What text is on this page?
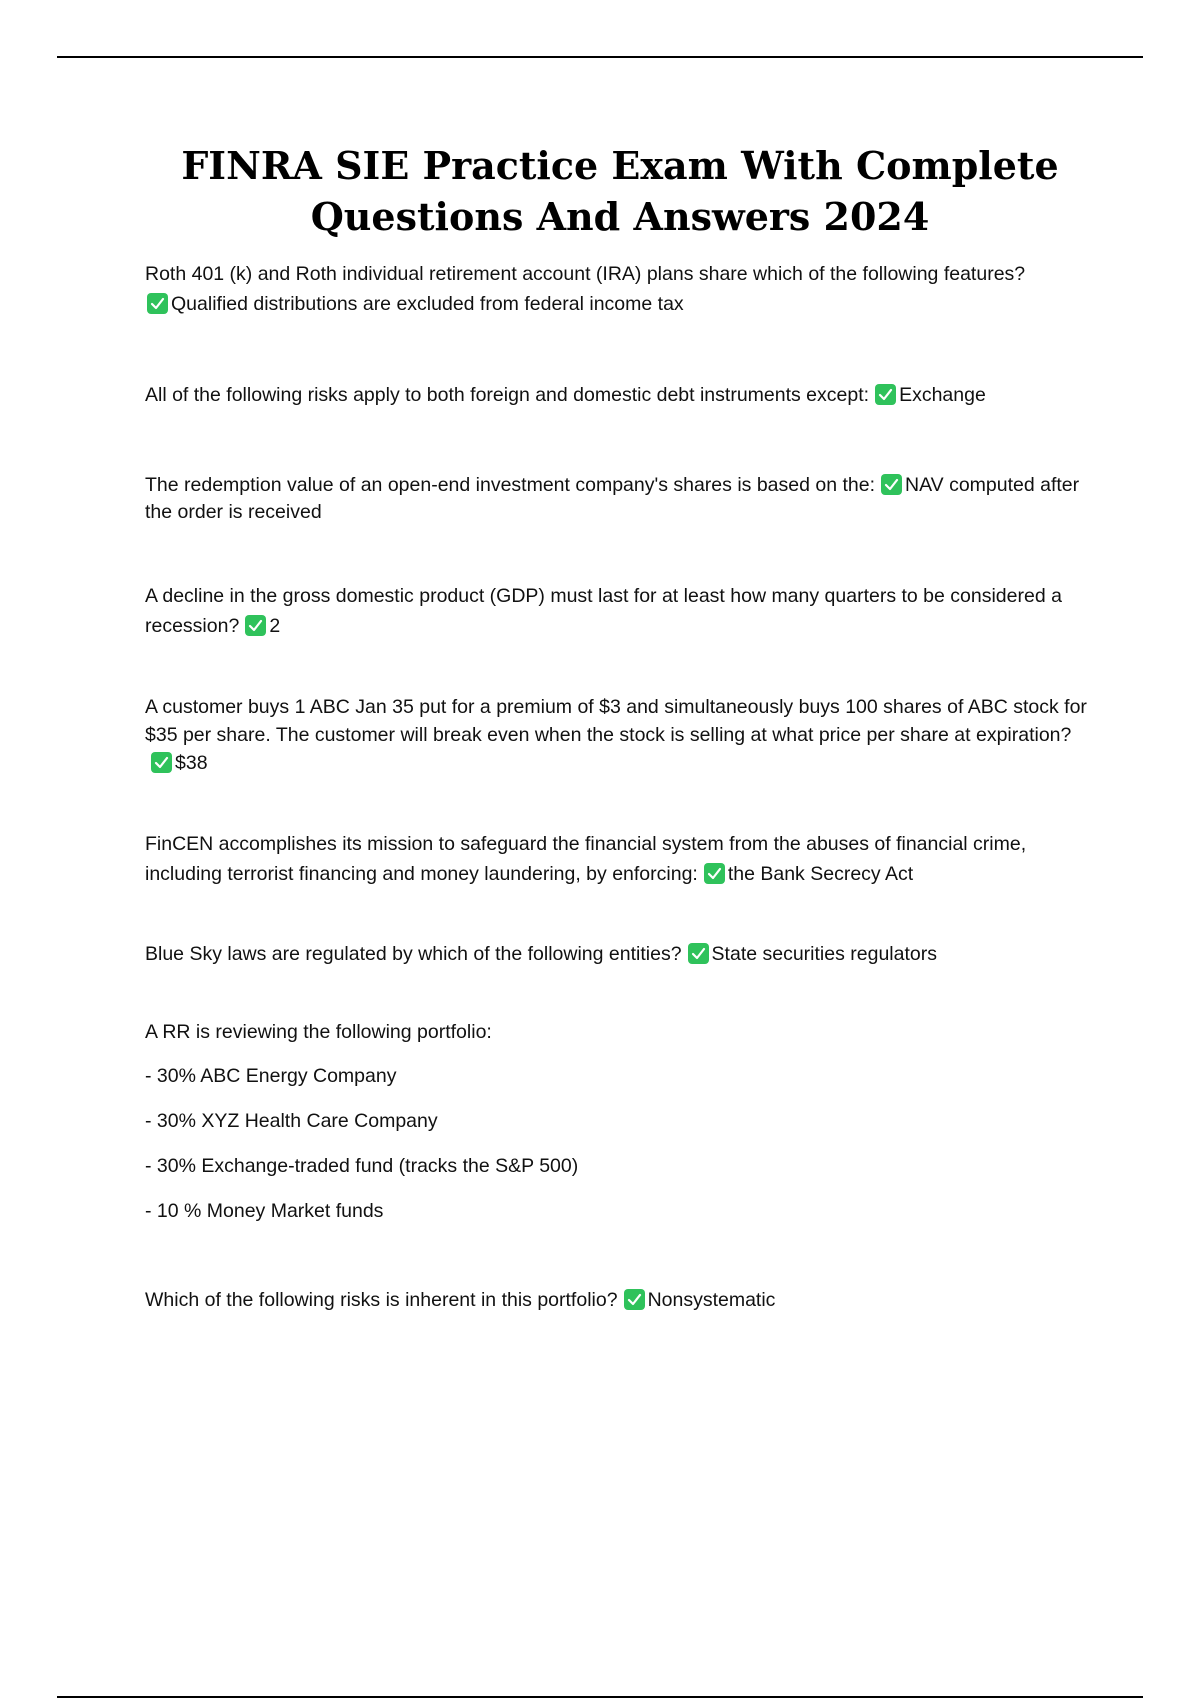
FINRA SIE Practice Exam With Complete Questions And Answers 2024

Roth 401 (k) and Roth individual retirement account (IRA) plans share which of the following features?

Qualified distributions are excluded from federal income tax

All of the following risks apply to both foreign and domestic debt instruments except: Exchange

The redemption value of an open-end investment company's shares is based on the: NAV computed after the order is received

A decline in the gross domestic product (GDP) must last for at least how many quarters to be considered a recession? 2

A customer buys 1 ABC Jan 35 put for a premium of $3 and simultaneously buys 100 shares of ABC stock for $35 per share. The customer will break even when the stock is selling at what price per share at expiration?
$38

FinCEN accomplishes its mission to safeguard the financial system from the abuses of financial crime, including terrorist financing and money laundering, by enforcing: the Bank Secrecy Act

Blue Sky laws are regulated by which of the following entities? State securities regulators

A RR is reviewing the following portfolio:

- 30% ABC Energy Company

- 30% XYZ Health Care Company

- 30% Exchange-traded fund (tracks the S&P 500)

- 10 % Money Market funds

Which of the following risks is inherent in this portfolio? Nonsystematic
